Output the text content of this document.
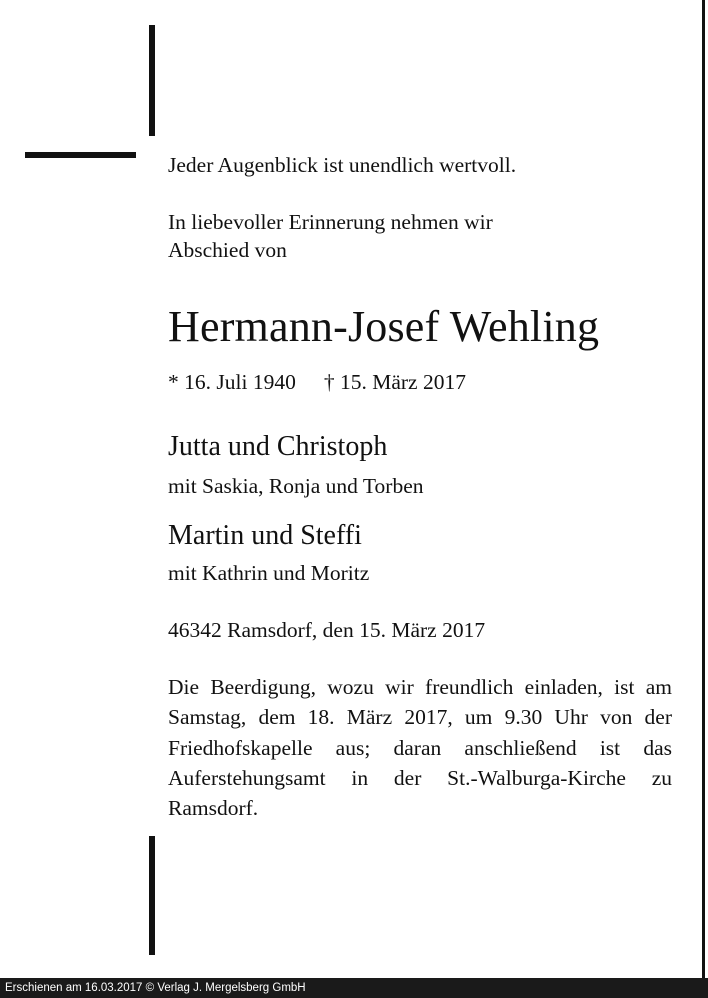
Jeder Augenblick ist unendlich wertvoll.
In liebevoller Erinnerung nehmen wir
Abschied von
Hermann-Josef Wehling
* 16. Juli 1940 † 15. März 2017
Jutta und Christoph
mit Saskia, Ronja und Torben
Martin und Steffi
mit Kathrin und Moritz
46342 Ramsdorf, den 15. März 2017
Die Beerdigung, wozu wir freundlich einladen, ist am Samstag, dem 18. März 2017, um 9.30 Uhr von der Friedhofskapelle aus; daran anschließend ist das Auferstehungsamt in der St.-Walburga-Kirche zu Ramsdorf.
Erschienen am 16.03.2017 © Verlag J. Mergelsberg GmbH
